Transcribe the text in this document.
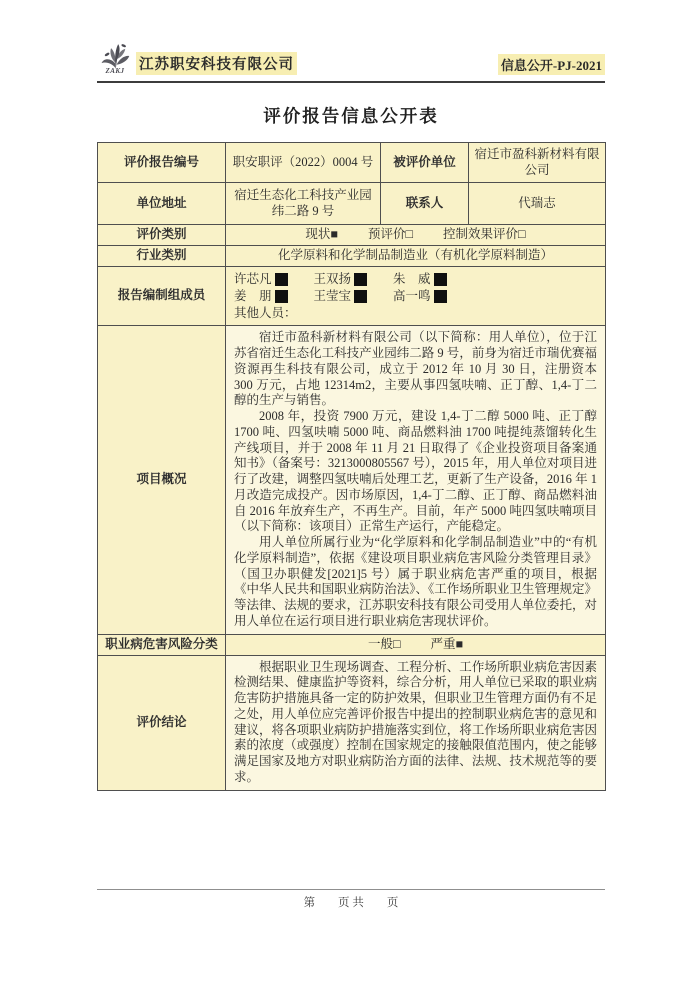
ZAKJ 江苏职安科技有限公司	信息公开-PJ-2021
评价报告信息公开表
评价报告编号	职安职评（2022）0004 号	被评价单位	宿迁市盈科新材料有限公司
单位地址	宿迁生态化工科技产业园 纬二路 9 号	联系人	代瑞志
评价类别	现状■ 预评价□ 控制效果评价□		

行业类别	化学原料和化学制品制造业（有机化学原料制造）		
报告编制组成员	
许芯凡	王双扬	朱　威
姜　朋	王莹宝	高一鸣
其他人员：

项目概况	宿迁市盈科新材料有限公司（以下简称：用人单位），位于江苏省宿迁生态化工科技产业园纬二路 9 号，前身为宿迁市瑞优赛福资源再生科技有限公司，成立于 2012 年 10 月 30 日，注册资本 300 万元，占地 12314m2，主要从事四氢呋喃、正丁醇、1,4-丁二醇的生产与销售。

2008 年，投资 7900 万元，建设 1,4-丁二醇 5000 吨、正丁醇 1700 吨、四氢呋喃 5000 吨、商品燃料油 1700 吨提纯蒸馏转化生产线项目，并于 2008 年 11 月 21 日取得了《企业投资项目备案通知书》（备案号：3213000805567 号），2015 年，用人单位对项目进行了改建，调整四氢呋喃后处理工艺，更新了生产设备，2016 年 1 月改造完成投产。因市场原因，1,4-丁二醇、正丁醇、商品燃料油自 2016 年放弃生产，不再生产。目前，年产 5000 吨四氢呋喃项目（以下简称：该项目）正常生产运行，产能稳定。

用人单位所属行业为“化学原料和化学制品制造业”中的“有机化学原料制造”，依据《建设项目职业病危害风险分类管理目录》（国卫办职健发[2021]5 号）属于职业病危害严重的项目，根据《中华人民共和国职业病防治法》、《工作场所职业卫生管理规定》等法律、法规的要求，江苏职安科技有限公司受用人单位委托，对用人单位在运行项目进行职业病危害现状评价。		

职业病危害风险分类	一般□ 严重■		

评价结论	根据职业卫生现场调查、工程分析、工作场所职业病危害因素检测结果、健康监护等资料，综合分析，用人单位已采取的职业病危害防护措施具备一定的防护效果，但职业卫生管理方面仍有不足之处，用人单位应完善评价报告中提出的控制职业病危害的意见和建议，将各项职业病防护措施落实到位，将工作场所职业病危害因素的浓度（或强度）控制在国家规定的接触限值范围内，使之能够满足国家及地方对职业病防治方面的法律、法规、技术规范等的要求。		

第　　页 共　　页
